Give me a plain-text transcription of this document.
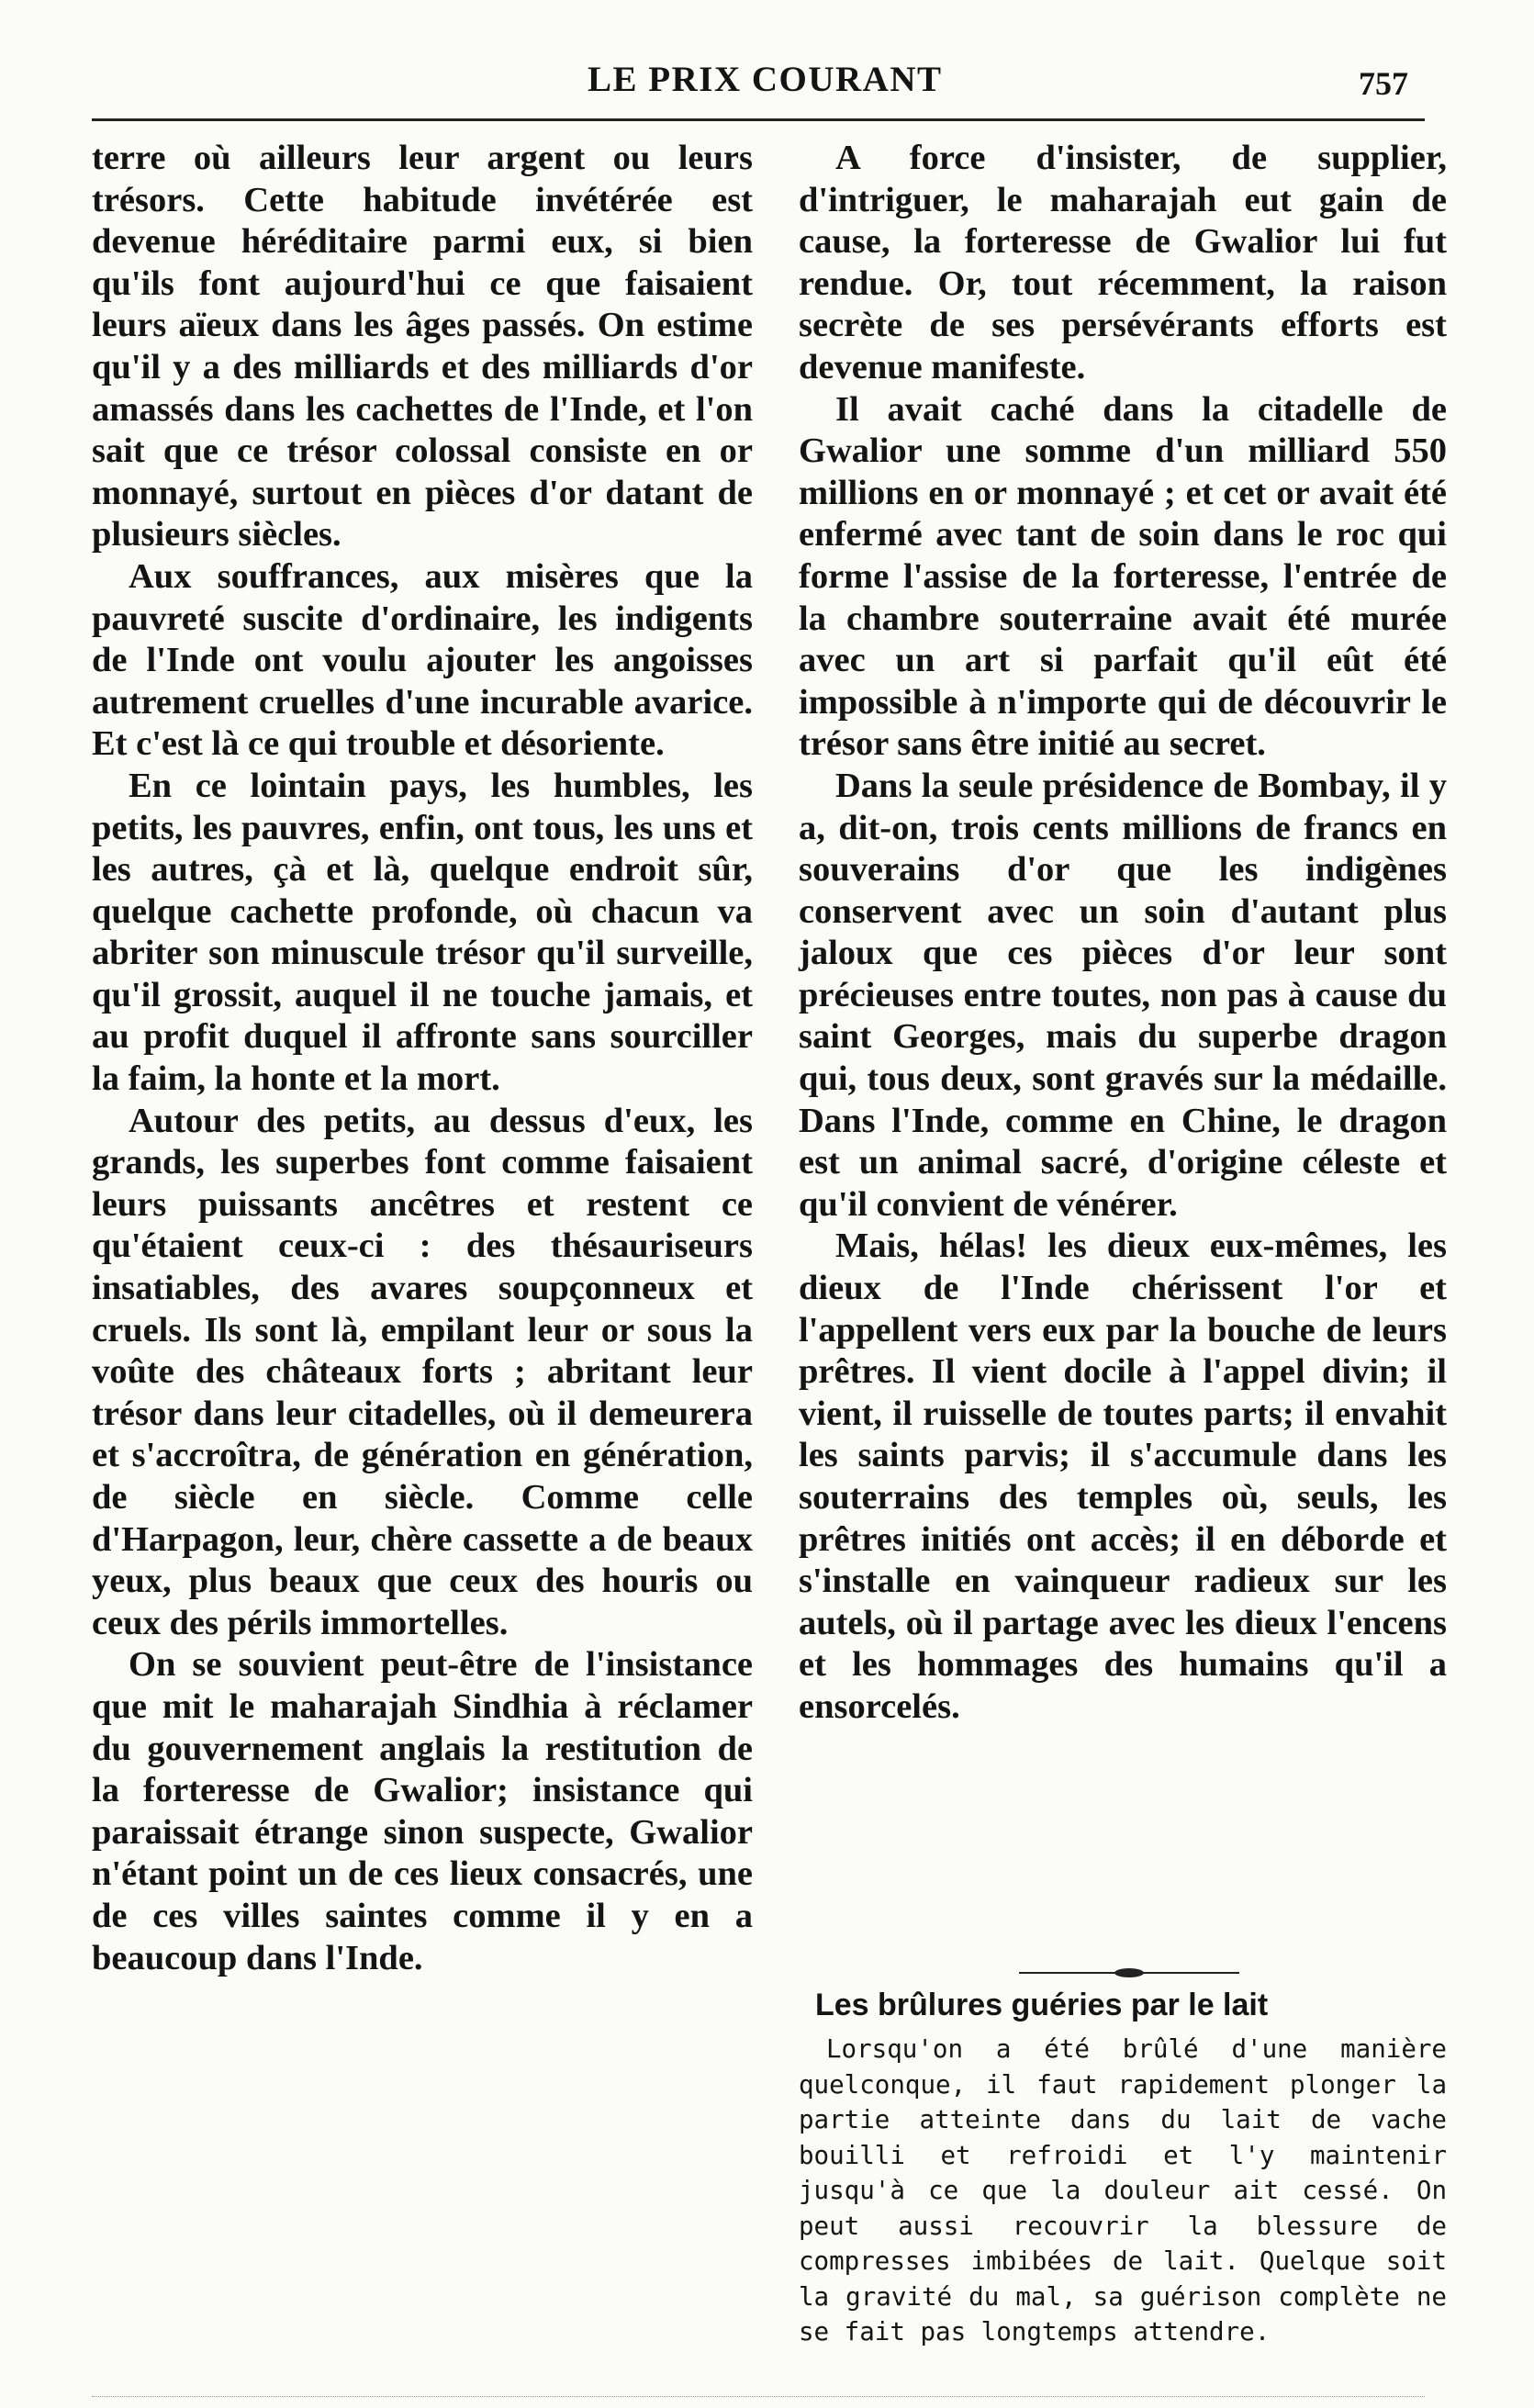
LE PRIX COURANT	757

terre où ailleurs leur argent ou leurs trésors. Cette habitude invétérée est devenue héréditaire parmi eux, si bien qu'ils font aujourd'hui ce que faisaient leurs aïeux dans les âges passés. On estime qu'il y a des milliards et des milliards d'or amassés dans les cachettes de l'Inde, et l'on sait que ce trésor colossal consiste en or monnayé, surtout en pièces d'or datant de plusieurs siècles.

Aux souffrances, aux misères que la pauvreté suscite d'ordinaire, les indigents de l'Inde ont voulu ajouter les angoisses autrement cruelles d'une incurable avarice. Et c'est là ce qui trouble et désoriente.

En ce lointain pays, les humbles, les petits, les pauvres, enfin, ont tous, les uns et les autres, çà et là, quelque endroit sûr, quelque cachette profonde, où chacun va abriter son minuscule trésor qu'il surveille, qu'il grossit, auquel il ne touche jamais, et au profit duquel il affronte sans sourciller la faim, la honte et la mort.

Autour des petits, au dessus d'eux, les grands, les superbes font comme faisaient leurs puissants ancêtres et restent ce qu'étaient ceux-ci : des thésauriseurs insatiables, des avares soupçonneux et cruels. Ils sont là, empilant leur or sous la voûte des châteaux forts ; abritant leur trésor dans leur citadelles, où il demeurera et s'accroîtra, de génération en génération, de siècle en siècle. Comme celle d'Harpagon, leur, chère cassette a de beaux yeux, plus beaux que ceux des houris ou ceux des périls immortelles.

On se souvient peut-être de l'insistance que mit le maharajah Sindhia à réclamer du gouvernement anglais la restitution de la forteresse de Gwalior; insistance qui paraissait étrange sinon suspecte, Gwalior n'étant point un de ces lieux consacrés, une de ces villes saintes comme il y en a beaucoup dans l'Inde.

A force d'insister, de supplier, d'intriguer, le maharajah eut gain de cause, la forteresse de Gwalior lui fut rendue. Or, tout récemment, la raison secrète de ses persévérants efforts est devenue manifeste.

Il avait caché dans la citadelle de Gwalior une somme d'un milliard 550 millions en or monnayé ; et cet or avait été enfermé avec tant de soin dans le roc qui forme l'assise de la forteresse, l'entrée de la chambre souterraine avait été murée avec un art si parfait qu'il eût été impossible à n'importe qui de découvrir le trésor sans être initié au secret.

Dans la seule présidence de Bombay, il y a, dit-on, trois cents millions de francs en souverains d'or que les indigènes conservent avec un soin d'autant plus jaloux que ces pièces d'or leur sont précieuses entre toutes, non pas à cause du saint Georges, mais du superbe dragon qui, tous deux, sont gravés sur la médaille. Dans l'Inde, comme en Chine, le dragon est un animal sacré, d'origine céleste et qu'il convient de vénérer.

Mais, hélas! les dieux eux-mêmes, les dieux de l'Inde chérissent l'or et l'appellent vers eux par la bouche de leurs prêtres. Il vient docile à l'appel divin; il vient, il ruisselle de toutes parts; il envahit les saints parvis; il s'accumule dans les souterrains des temples où, seuls, les prêtres initiés ont accès; il en déborde et s'installe en vainqueur radieux sur les autels, où il partage avec les dieux l'encens et les hommages des humains qu'il a ensorcelés.

Les brûlures guéries par le lait

Lorsqu'on a été brûlé d'une manière quelconque, il faut rapidement plonger la partie atteinte dans du lait de vache bouilli et refroidi et l'y maintenir jusqu'à ce que la douleur ait cessé. On peut aussi recouvrir la blessure de compresses imbibées de lait. Quelque soit la gravité du mal, sa guérison complète ne se fait pas longtemps attendre.
